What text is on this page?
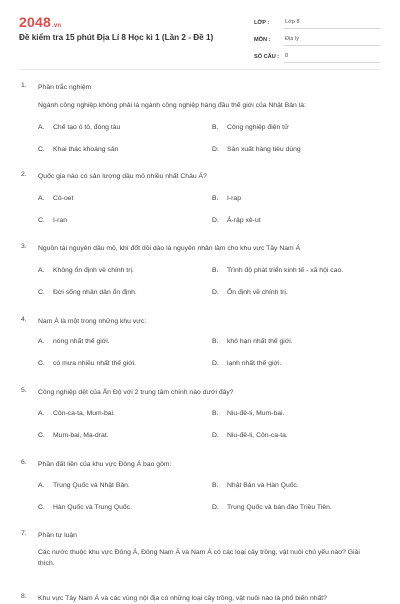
2048.vn
Đề kiểm tra 15 phút Địa Lí 8 Học kì 1 (Lần 2 - Đề 1)
LỚP :	Lớp 8
MÔN :	Địa lý
SỐ CÂU :	8
1.	Phần trắc nghiệm
Ngành công nghiệp không phải là ngành công nghiệp hàng đầu thế giới của Nhật Bản là:
A.	Chế tạo ô tô, đóng tàu	B.	Công nghiệp điện tử
C.	Khai thác khoáng sản	D.	Sản xuất hàng tiêu dùng
2.	Quốc gia nào có sản lượng dầu mỏ nhiều nhất Châu Á?
A.	Cô-oet	B.	I-rap
C.	I-ran	D.	Ả-rập xê-ut
3.	Nguồn tài nguyên dầu mỏ, khí đốt dồi dào là nguyên nhân làm cho khu vực Tây Nam Á
A.	Không ổn định về chính trị.	B.	Trình độ phát triển kinh tế - xã hội cao.
C.	Đời sống nhân dân ổn định.	D.	Ổn định về chính trị.
4.	Nam Á là một trong những khu vực:
A.	nóng nhất thế giới.	B.	khô hạn nhất thế giới.
C.	có mưa nhiều nhất thế giới.	D.	lạnh nhất thế giới.
5.	Công nghiệp dệt của Ấn Độ với 2 trung tâm chính nào dưới đây?
A.	Côn-ca-ta, Mum-bai.	B.	Niu-đê-li, Mum-bai.
C.	Mum-bai, Ma-drat.	D.	Niu-đê-li, Côn-ca-ta.
6.	Phần đất liền của khu vực Đông Á bao gồm:
A.	Trung Quốc và Nhật Bản.	B.	Nhật Bản và Hàn Quốc.
C.	Hàn Quốc và Trung Quốc.	D.	Trung Quốc và bán đảo Triều Tiên.
7.	Phần tự luận
Các nước thuộc khu vực Đông Á, Đông Nam Á và Nam Á có các loại cây trồng, vật nuôi chủ yếu nào? Giải thích.
8.	Khu vực Tây Nam Á và các vùng nội địa có những loại cây trồng, vật nuôi nào là phổ biến nhất?
